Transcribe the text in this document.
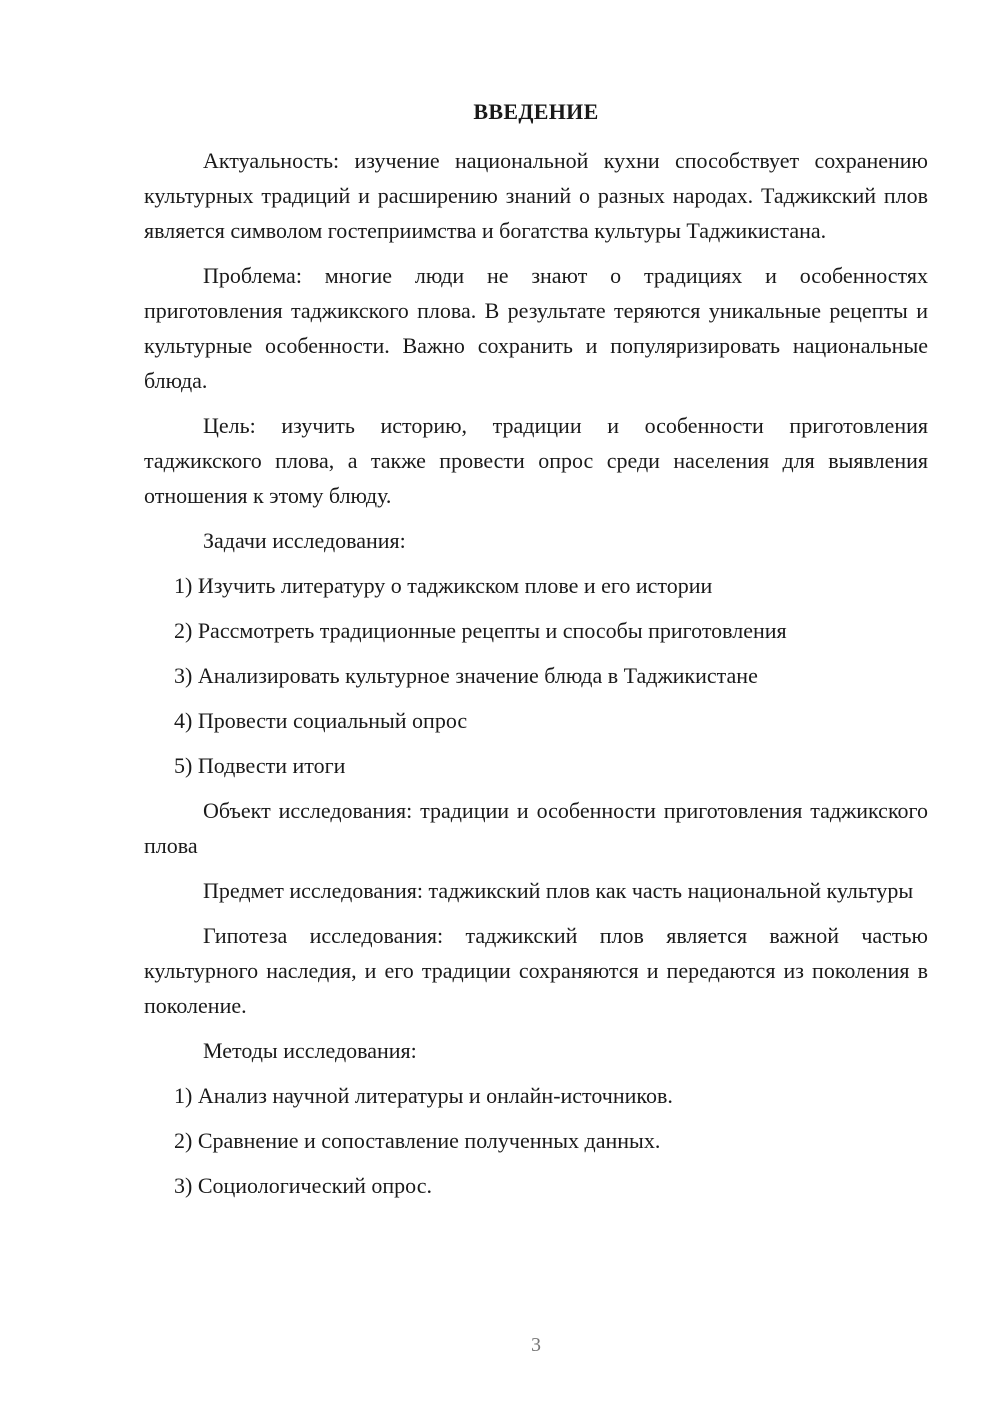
ВВЕДЕНИЕ

Актуальность: изучение национальной кухни способствует сохранению культурных традиций и расширению знаний о разных народах. Таджикский плов является символом гостеприимства и богатства культуры Таджикистана.

Проблема: многие люди не знают о традициях и особенностях приготовления таджикского плова. В результате теряются уникальные рецепты и культурные особенности. Важно сохранить и популяризировать национальные блюда.

Цель: изучить историю, традиции и особенности приготовления таджикского плова, а также провести опрос среди населения для выявления отношения к этому блюду.

Задачи исследования:

1) Изучить литературу о таджикском плове и его истории
2) Рассмотреть традиционные рецепты и способы приготовления
3) Анализировать культурное значение блюда в Таджикистане
4) Провести социальный опрос
5) Подвести итоги

Объект исследования: традиции и особенности приготовления таджикского плова

Предмет исследования: таджикский плов как часть национальной культуры

Гипотеза исследования: таджикский плов является важной частью культурного наследия, и его традиции сохраняются и передаются из поколения в поколение.

Методы исследования:

1) Анализ научной литературы и онлайн-источников.
2) Сравнение и сопоставление полученных данных.
3) Социологический опрос.
3
